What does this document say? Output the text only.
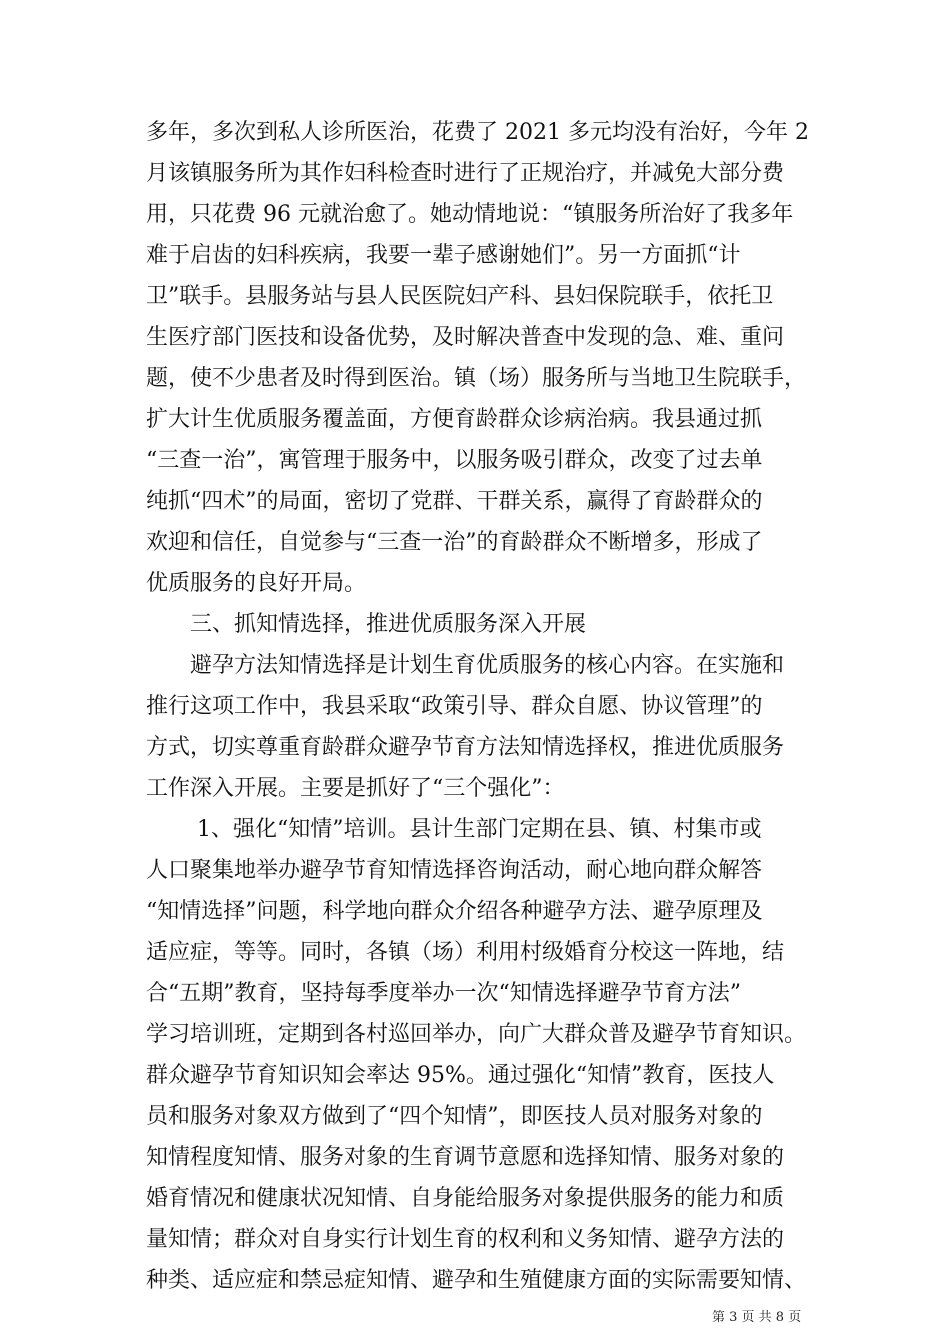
多年，多次到私人诊所医治，花费了 2021 多元均没有治好，今年 2
月该镇服务所为其作妇科检查时进行了正规治疗，并减免大部分费
用，只花费 96 元就治愈了。她动情地说：“镇服务所治好了我多年
难于启齿的妇科疾病，我要一辈子感谢她们”。另一方面抓“计
卫”联手。县服务站与县人民医院妇产科、县妇保院联手，依托卫
生医疗部门医技和设备优势，及时解决普查中发现的急、难、重问
题，使不少患者及时得到医治。镇（场）服务所与当地卫生院联手，
扩大计生优质服务覆盖面，方便育龄群众诊病治病。我县通过抓
“三查一治”，寓管理于服务中，以服务吸引群众，改变了过去单
纯抓“四术”的局面，密切了党群、干群关系，赢得了育龄群众的
欢迎和信任，自觉参与“三查一治”的育龄群众不断增多，形成了
优质服务的良好开局。
　　三、抓知情选择，推进优质服务深入开展
　　避孕方法知情选择是计划生育优质服务的核心内容。在实施和
推行这项工作中，我县采取“政策引导、群众自愿、协议管理”的
方式，切实尊重育龄群众避孕节育方法知情选择权，推进优质服务
工作深入开展。主要是抓好了“三个强化”：
　　 1、强化“知情”培训。县计生部门定期在县、镇、村集市或
人口聚集地举办避孕节育知情选择咨询活动，耐心地向群众解答
“知情选择”问题，科学地向群众介绍各种避孕方法、避孕原理及
适应症，等等。同时，各镇（场）利用村级婚育分校这一阵地，结
合“五期”教育，坚持每季度举办一次“知情选择避孕节育方法”
学习培训班，定期到各村巡回举办，向广大群众普及避孕节育知识。
群众避孕节育知识知会率达 95%。通过强化“知情”教育，医技人
员和服务对象双方做到了“四个知情”，即医技人员对服务对象的
知情程度知情、服务对象的生育调节意愿和选择知情、服务对象的
婚育情况和健康状况知情、自身能给服务对象提供服务的能力和质
量知情；群众对自身实行计划生育的权利和义务知情、避孕方法的
种类、适应症和禁忌症知情、避孕和生殖健康方面的实际需要知情、
第 3 页 共 8 页
